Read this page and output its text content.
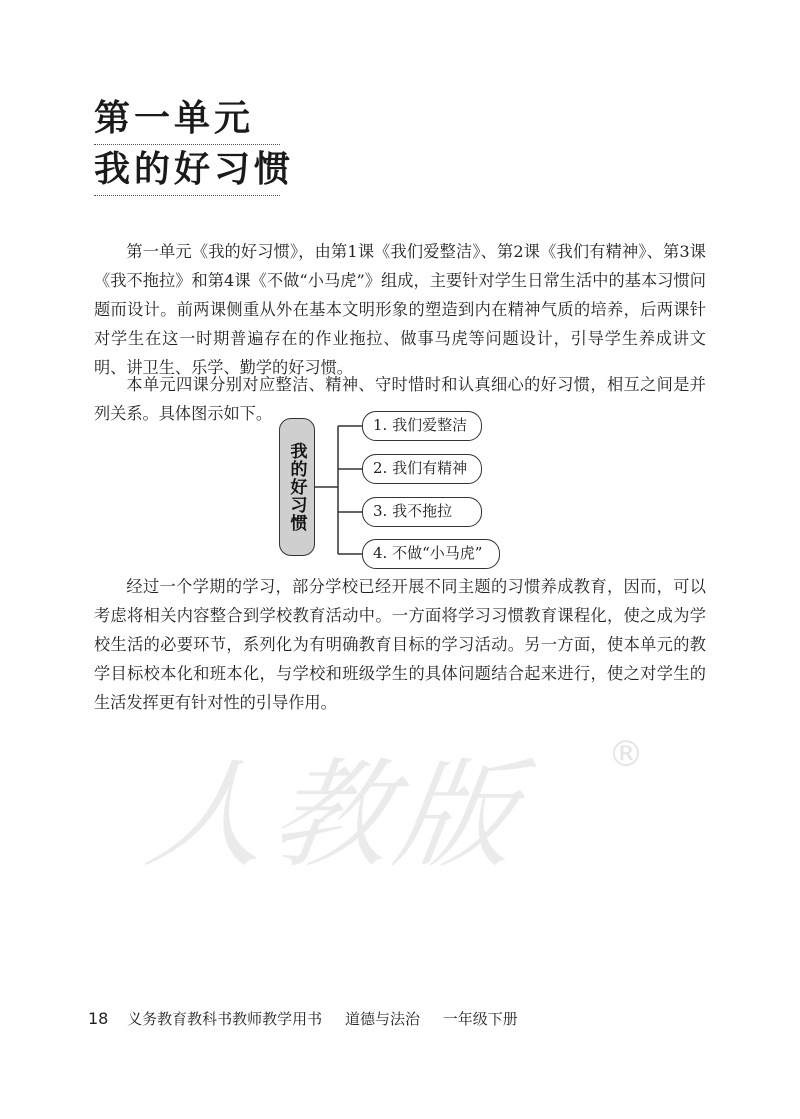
第一单元
我的好习惯

第一单元《我的好习惯》，由第1课《我们爱整洁》、第2课《我们有精神》、第3课《我不拖拉》和第4课《不做“小马虎”》组成，主要针对学生日常生活中的基本习惯问题而设计。前两课侧重从外在基本文明形象的塑造到内在精神气质的培养，后两课针对学生在这一时期普遍存在的作业拖拉、做事马虎等问题设计，引导学生养成讲文明、讲卫生、乐学、勤学的好习惯。

本单元四课分别对应整洁、精神、守时惜时和认真细心的好习惯，相互之间是并列关系。具体图示如下。

我的好习惯
1. 我们爱整洁
2. 我们有精神
3. 我不拖拉
4. 不做“小马虎”

经过一个学期的学习，部分学校已经开展不同主题的习惯养成教育，因而，可以考虑将相关内容整合到学校教育活动中。一方面将学习习惯教育课程化，使之成为学校生活的必要环节，系列化为有明确教育目标的学习活动。另一方面，使本单元的教学目标校本化和班本化，与学校和班级学生的具体问题结合起来进行，使之对学生的生活发挥更有针对性的引导作用。

人教版 ®
18 义务教育教科书教师教学用书 道德与法治 一年级下册
